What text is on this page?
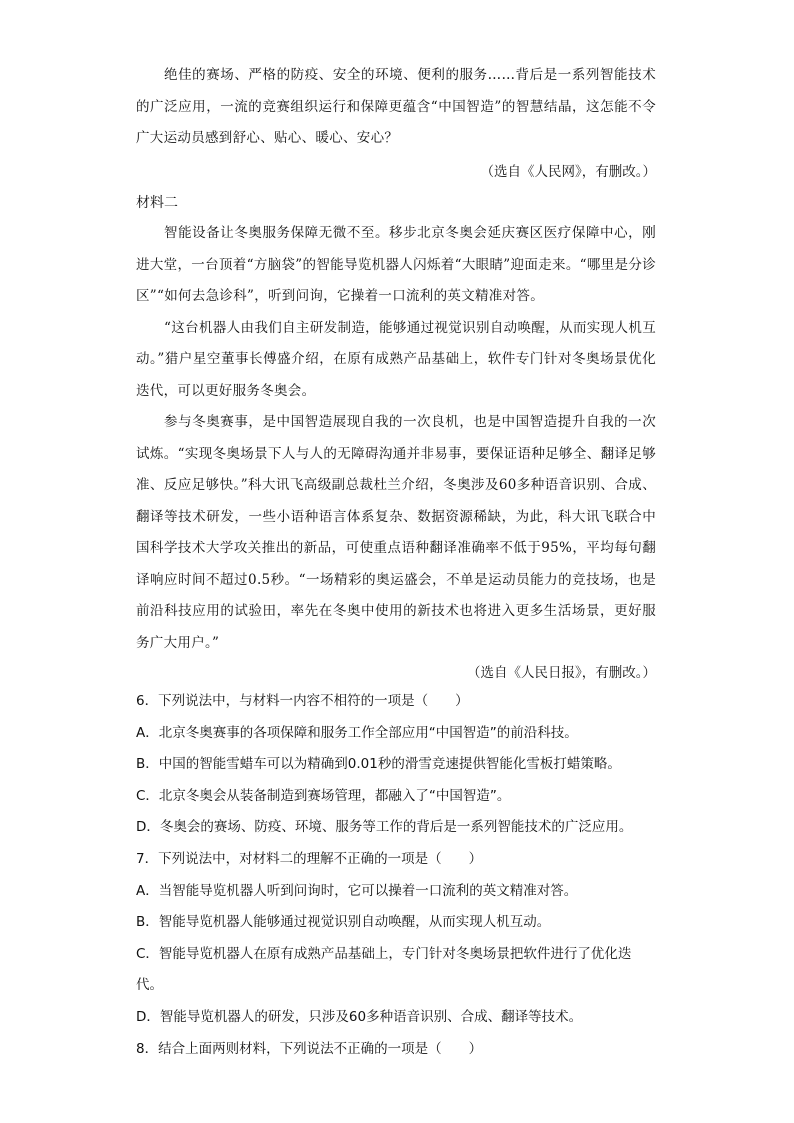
绝佳的赛场、严格的防疫、安全的环境、便利的服务……背后是一系列智能技术的广泛应用，一流的竞赛组织运行和保障更蕴含“中国智造”的智慧结晶，这怎能不令广大运动员感到舒心、贴心、暖心、安心？

（选自《人民网》，有删改。）
材料二

智能设备让冬奥服务保障无微不至。移步北京冬奥会延庆赛区医疗保障中心，刚进大堂，一台顶着“方脑袋”的智能导览机器人闪烁着“大眼睛”迎面走来。“哪里是分诊区”“如何去急诊科”，听到问询，它操着一口流利的英文精准对答。

“这台机器人由我们自主研发制造，能够通过视觉识别自动唤醒，从而实现人机互动。”猎户星空董事长傅盛介绍，在原有成熟产品基础上，软件专门针对冬奥场景优化迭代，可以更好服务冬奥会。

参与冬奥赛事，是中国智造展现自我的一次良机，也是中国智造提升自我的一次试炼。“实现冬奥场景下人与人的无障碍沟通并非易事，要保证语种足够全、翻译足够准、反应足够快。”科大讯飞高级副总裁杜兰介绍，冬奥涉及60多种语音识别、合成、翻译等技术研发，一些小语种语言体系复杂、数据资源稀缺，为此，科大讯飞联合中国科学技术大学攻关推出的新品，可使重点语种翻译准确率不低于95%，平均每句翻译响应时间不超过0.5秒。“一场精彩的奥运盛会，不单是运动员能力的竞技场，也是前沿科技应用的试验田，率先在冬奥中使用的新技术也将进入更多生活场景，更好服务广大用户。”

（选自《人民日报》，有删改。）
6．下列说法中，与材料一内容不相符的一项是（　　）
A．北京冬奥赛事的各项保障和服务工作全部应用“中国智造”的前沿科技。
B．中国的智能雪蜡车可以为精确到0.01秒的滑雪竞速提供智能化雪板打蜡策略。
C．北京冬奥会从装备制造到赛场管理，都融入了“中国智造”。
D．冬奥会的赛场、防疫、环境、服务等工作的背后是一系列智能技术的广泛应用。
7．下列说法中，对材料二的理解不正确的一项是（　　）
A．当智能导览机器人听到问询时，它可以操着一口流利的英文精准对答。
B．智能导览机器人能够通过视觉识别自动唤醒，从而实现人机互动。
C．智能导览机器人在原有成熟产品基础上，专门针对冬奥场景把软件进行了优化迭代。
D．智能导览机器人的研发，只涉及60多种语音识别、合成、翻译等技术。
8．结合上面两则材料，下列说法不正确的一项是（　　）
